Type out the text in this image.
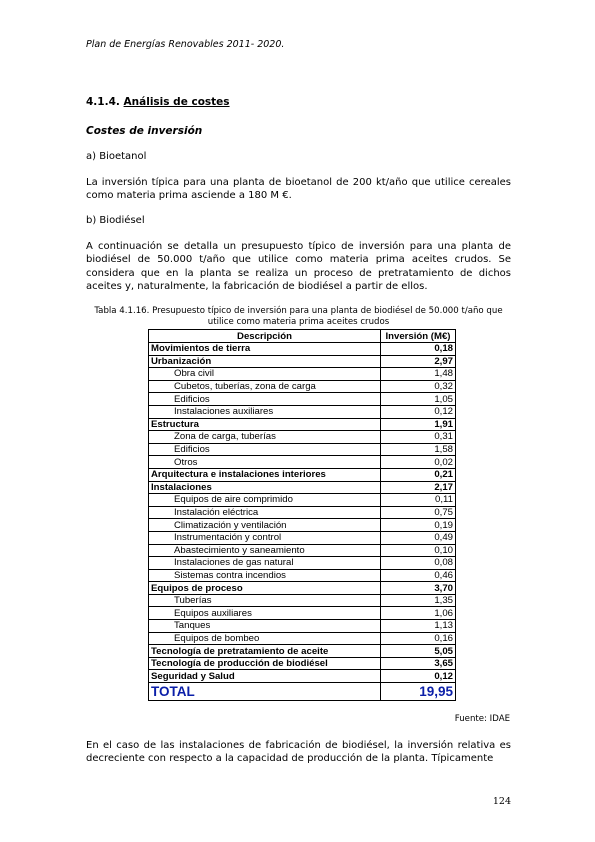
Plan de Energías Renovables 2011- 2020.
4.1.4. Análisis de costes
Costes de inversión
a) Bioetanol
La inversión típica para una planta de bioetanol de 200 kt/año que utilice cereales como materia prima asciende a 180 M €.
b) Biodiésel
A continuación se detalla un presupuesto típico de inversión para una planta de biodiésel de 50.000 t/año que utilice como materia prima aceites crudos. Se considera que en la planta se realiza un proceso de pretratamiento de dichos aceites y, naturalmente, la fabricación de biodiésel a partir de ellos.
Tabla 4.1.16. Presupuesto típico de inversión para una planta de biodiésel de 50.000 t/año que utilice como materia prima aceites crudos
Descripción	Inversión (M€)
Movimientos de tierra	0,18
Urbanización	2,97
Obra civil	1,48
Cubetos, tuberías, zona de carga	0,32
Edificios	1,05
Instalaciones auxiliares	0,12
Estructura	1,91
Zona de carga, tuberías	0,31
Edificios	1,58
Otros	0,02
Arquitectura e instalaciones interiores	0,21
Instalaciones	2,17
Equipos de aire comprimido	0,11
Instalación eléctrica	0,75
Climatización y ventilación	0,19
Instrumentación y control	0,49
Abastecimiento y saneamiento	0,10
Instalaciones de gas natural	0,08
Sistemas contra incendios	0,46
Equipos de proceso	3,70
Tuberías	1,35
Equipos auxiliares	1,06
Tanques	1,13
Equipos de bombeo	0,16
Tecnología de pretratamiento de aceite	5,05
Tecnología de producción de biodiésel	3,65
Seguridad y Salud	0,12
TOTAL	19,95
Fuente: IDAE
En el caso de las instalaciones de fabricación de biodiésel, la inversión relativa es decreciente con respecto a la capacidad de producción de la planta. Típicamente
124
